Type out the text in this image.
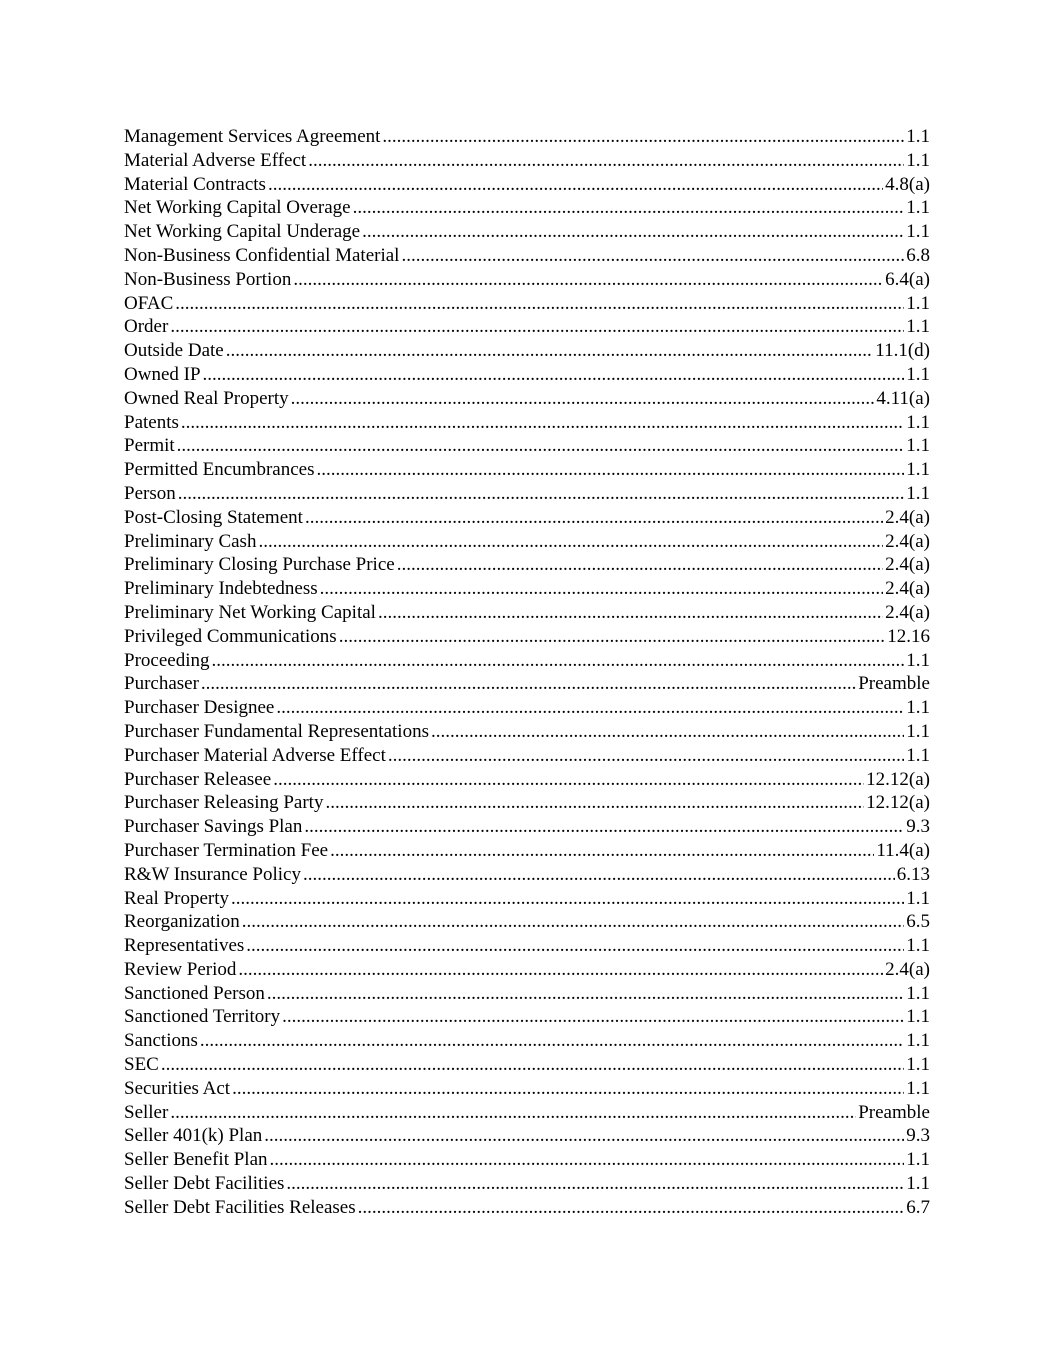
Management Services Agreement .....	1.1
Material Adverse Effect .....	1.1
Material Contracts .....	4.8(a)
Net Working Capital Overage .....	1.1
Net Working Capital Underage .....	1.1
Non-Business Confidential Material .....	6.8
Non-Business Portion .....	6.4(a)
OFAC .....	1.1
Order .....	1.1
Outside Date .....	11.1(d)
Owned IP .....	1.1
Owned Real Property .....	4.11(a)
Patents .....	1.1
Permit .....	1.1
Permitted Encumbrances .....	1.1
Person .....	1.1
Post-Closing Statement .....	2.4(a)
Preliminary Cash .....	2.4(a)
Preliminary Closing Purchase Price .....	2.4(a)
Preliminary Indebtedness .....	2.4(a)
Preliminary Net Working Capital .....	2.4(a)
Privileged Communications .....	12.16
Proceeding .....	1.1
Purchaser .....	Preamble
Purchaser Designee .....	1.1
Purchaser Fundamental Representations .....	1.1
Purchaser Material Adverse Effect .....	1.1
Purchaser Releasee .....	12.12(a)
Purchaser Releasing Party .....	12.12(a)
Purchaser Savings Plan .....	9.3
Purchaser Termination Fee .....	11.4(a)
R&W Insurance Policy .....	6.13
Real Property .....	1.1
Reorganization .....	6.5
Representatives .....	1.1
Review Period .....	2.4(a)
Sanctioned Person .....	1.1
Sanctioned Territory .....	1.1
Sanctions .....	1.1
SEC .....	1.1
Securities Act .....	1.1
Seller .....	Preamble
Seller 401(k) Plan .....	9.3
Seller Benefit Plan .....	1.1
Seller Debt Facilities .....	1.1
Seller Debt Facilities Releases .....	6.7
